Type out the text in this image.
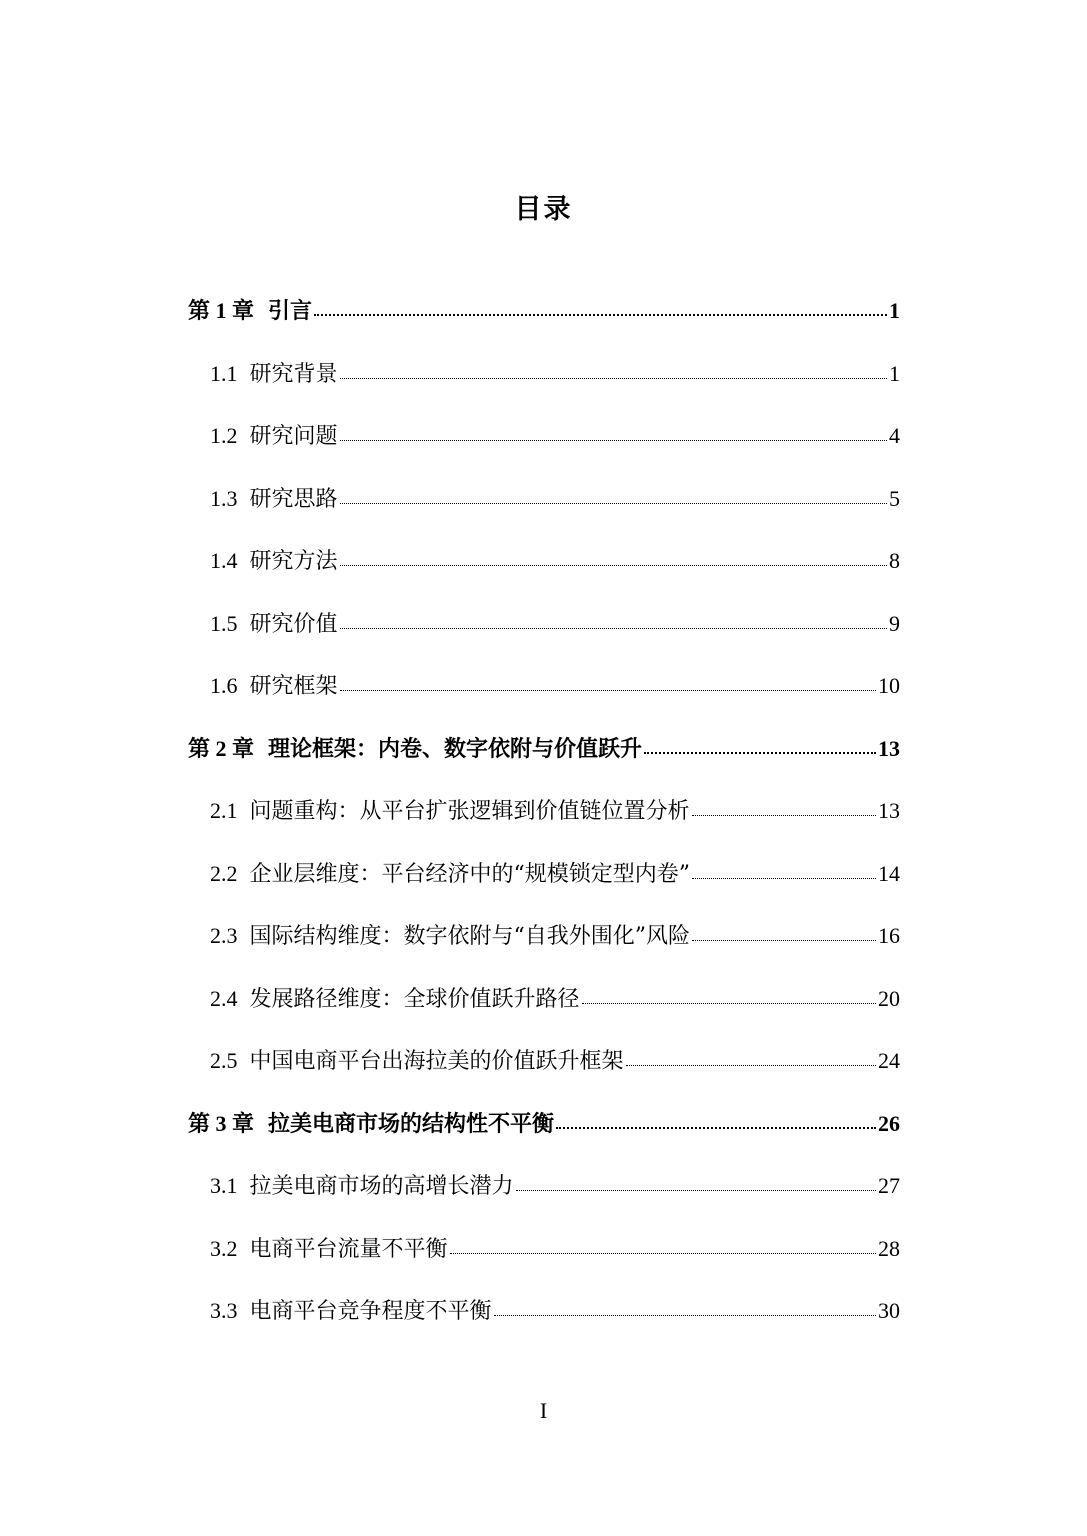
目录
第 1 章 引言	1
1.1 研究背景	1
1.2 研究问题	4
1.3 研究思路	5
1.4 研究方法	8
1.5 研究价值	9
1.6 研究框架	10
第 2 章 理论框架：内卷、数字依附与价值跃升	13
2.1 问题重构：从平台扩张逻辑到价值链位置分析	13
2.2 企业层维度：平台经济中的“规模锁定型内卷”	14
2.3 国际结构维度：数字依附与“自我外围化”风险	16
2.4 发展路径维度：全球价值跃升路径	20
2.5 中国电商平台出海拉美的价值跃升框架	24
第 3 章 拉美电商市场的结构性不平衡	26
3.1 拉美电商市场的高增长潜力	27
3.2 电商平台流量不平衡	28
3.3 电商平台竞争程度不平衡	30
I
